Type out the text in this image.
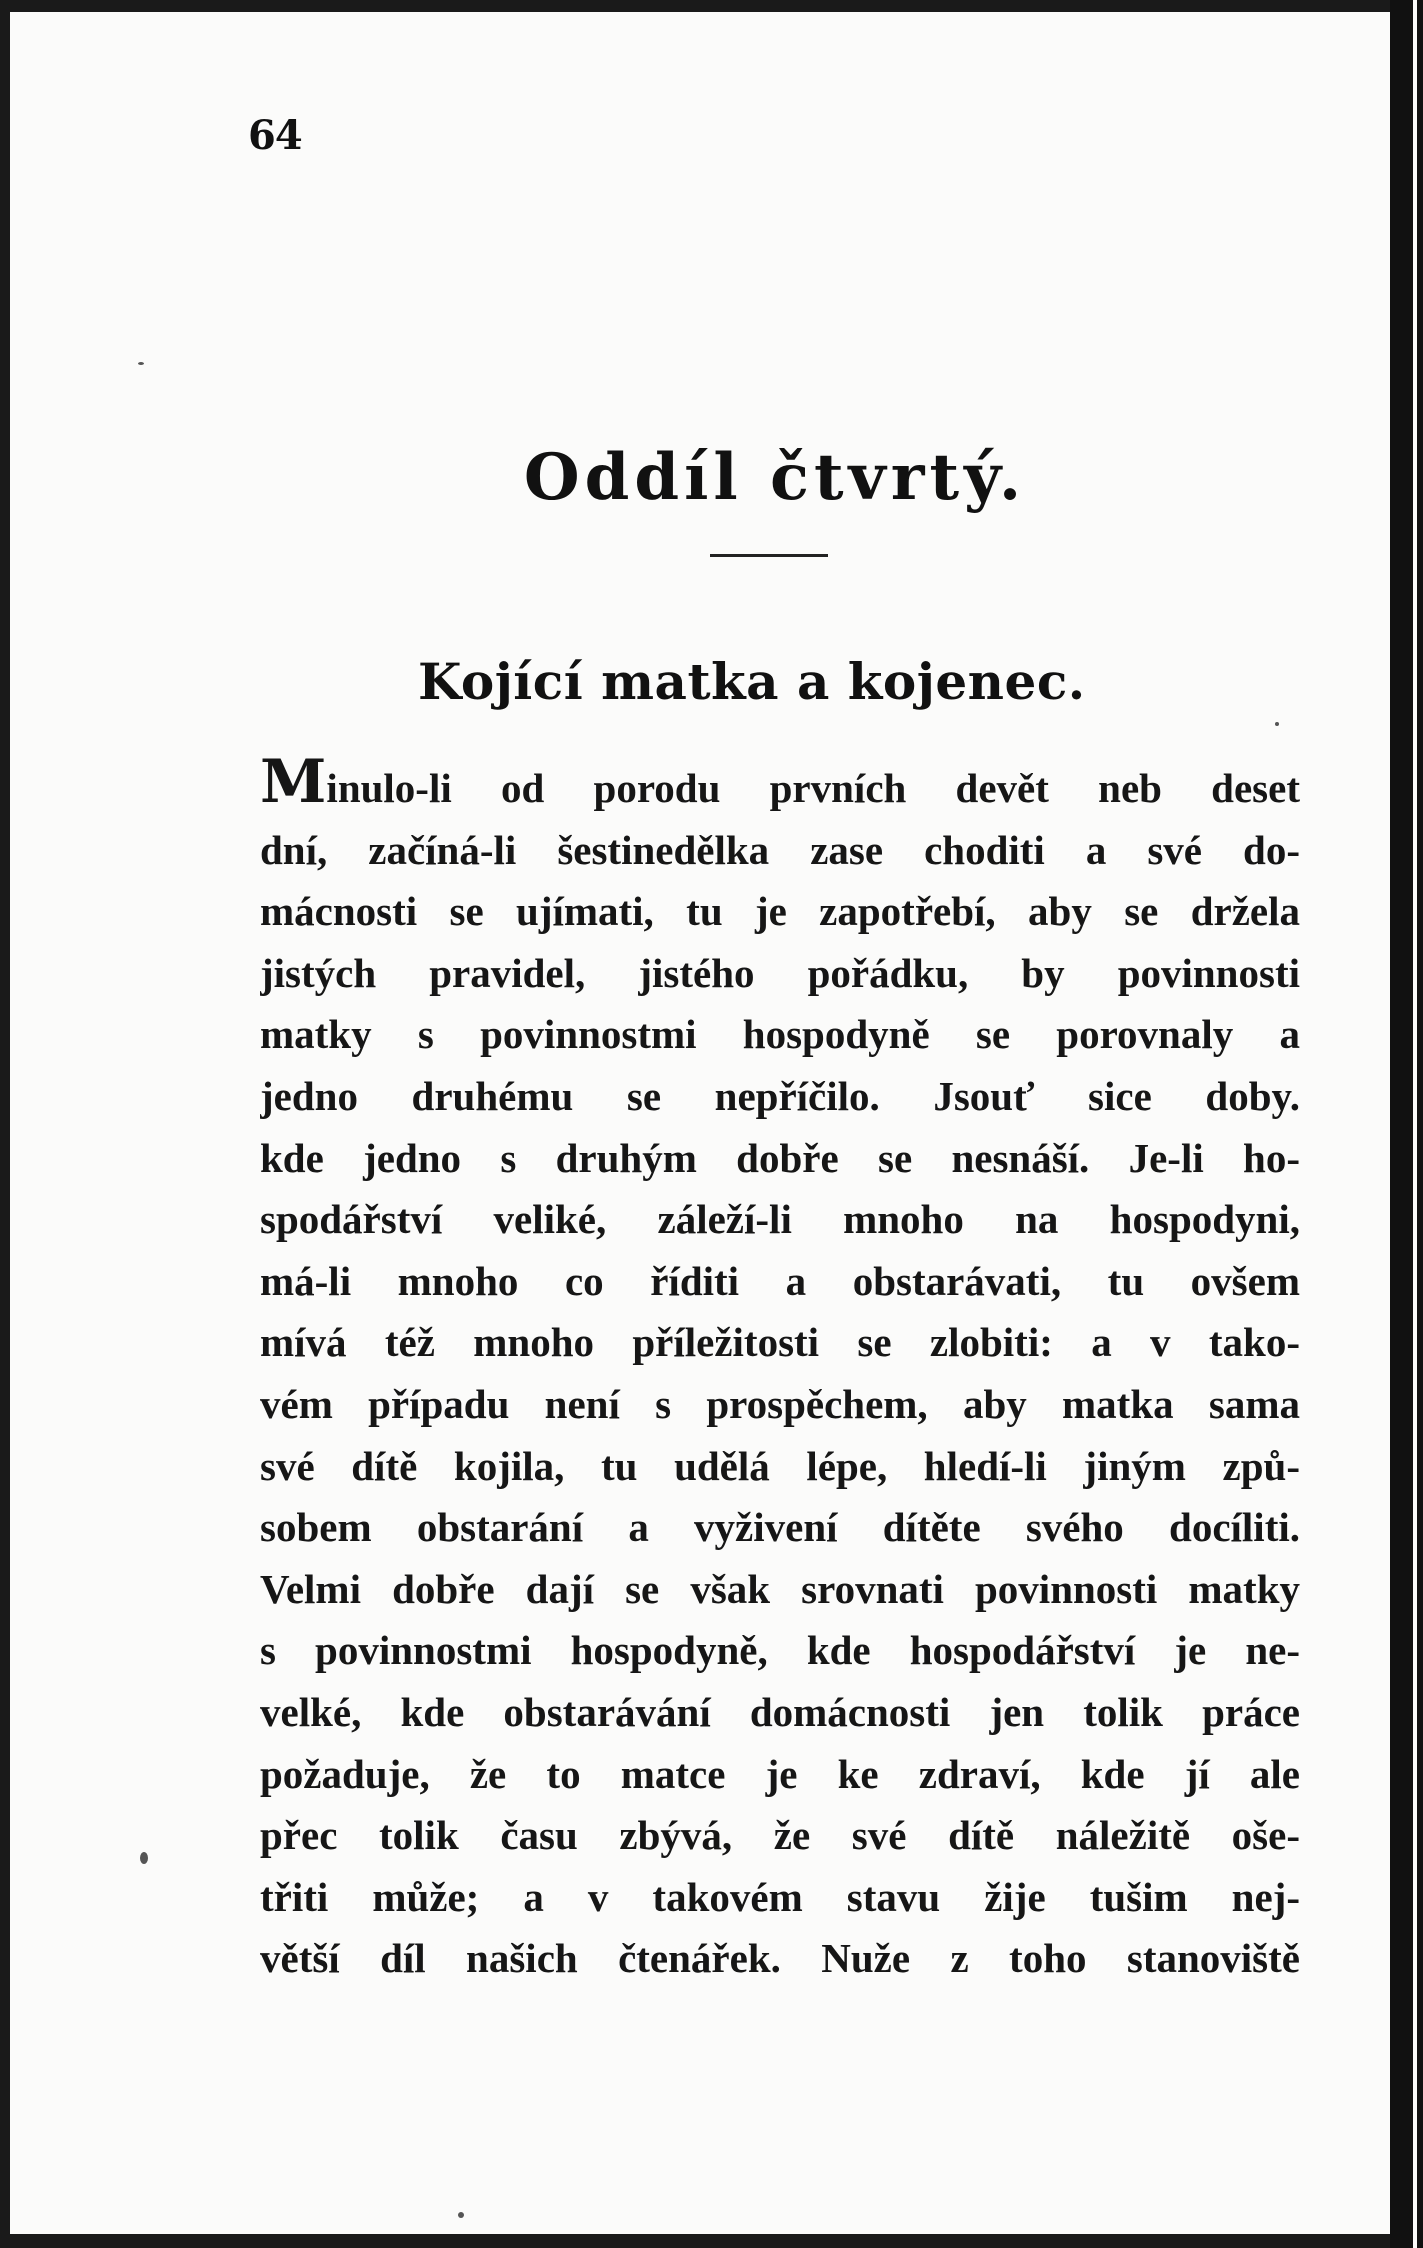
64
Oddíl čtvrtý.
Kojící matka a kojenec.
Minulo-li od porodu prvních devět neb deset
dní, začíná-li šestinedělka zase choditi a své do-
mácnosti se ujímati, tu je zapotřebí, aby se držela
jistých pravidel, jistého pořádku, by povinnosti
matky s povinnostmi hospodyně se porovnaly a
jedno druhému se nepříčilo. Jsouť sice doby.
kde jedno s druhým dobře se nesnáší. Je-li ho-
spodářství veliké, záleží-li mnoho na hospodyni,
má-li mnoho co říditi a obstarávati, tu ovšem
mívá též mnoho příležitosti se zlobiti: a v tako-
vém případu není s prospěchem, aby matka sama
své dítě kojila, tu udělá lépe, hledí-li jiným způ-
sobem obstarání a vyživení dítěte svého docíliti.
Velmi dobře dají se však srovnati povinnosti matky
s povinnostmi hospodyně, kde hospodářství je ne-
velké, kde obstarávání domácnosti jen tolik práce
požaduje, že to matce je ke zdraví, kde jí ale
přec tolik času zbývá, že své dítě náležitě oše-
třiti může; a v takovém stavu žije tušim nej-
větší díl našich čtenářek. Nuže z toho stanoviště
